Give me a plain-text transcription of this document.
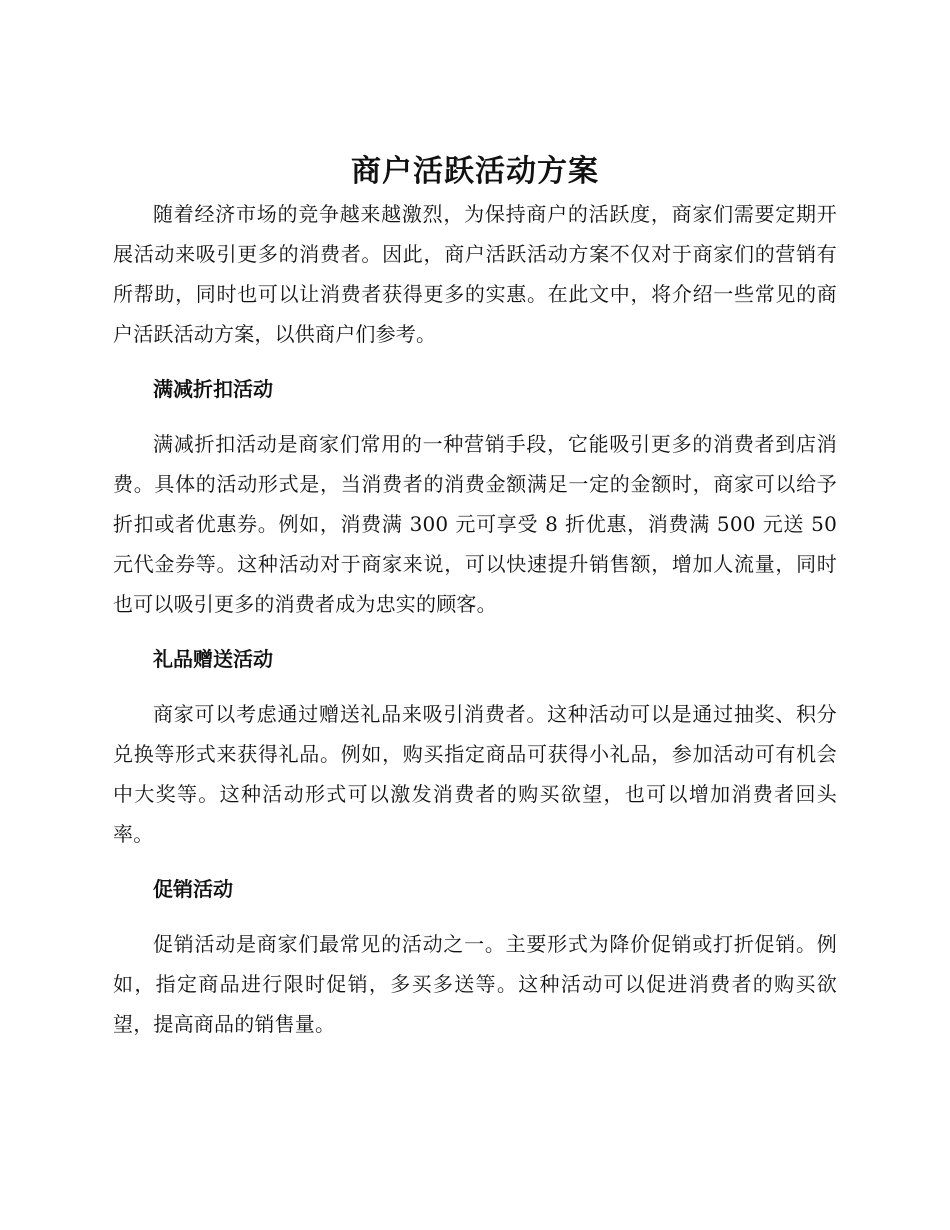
商户活跃活动方案

随着经济市场的竞争越来越激烈，为保持商户的活跃度，商家们需要定期开展活动来吸引更多的消费者。因此，商户活跃活动方案不仅对于商家们的营销有所帮助，同时也可以让消费者获得更多的实惠。在此文中，将介绍一些常见的商户活跃活动方案，以供商户们参考。

满减折扣活动

满减折扣活动是商家们常用的一种营销手段，它能吸引更多的消费者到店消费。具体的活动形式是，当消费者的消费金额满足一定的金额时，商家可以给予折扣或者优惠券。例如，消费满 300 元可享受 8 折优惠，消费满 500 元送 50 元代金券等。这种活动对于商家来说，可以快速提升销售额，增加人流量，同时也可以吸引更多的消费者成为忠实的顾客。

礼品赠送活动

商家可以考虑通过赠送礼品来吸引消费者。这种活动可以是通过抽奖、积分兑换等形式来获得礼品。例如，购买指定商品可获得小礼品，参加活动可有机会中大奖等。这种活动形式可以激发消费者的购买欲望，也可以增加消费者回头率。

促销活动

促销活动是商家们最常见的活动之一。主要形式为降价促销或打折促销。例如，指定商品进行限时促销，多买多送等。这种活动可以促进消费者的购买欲望，提高商品的销售量。
